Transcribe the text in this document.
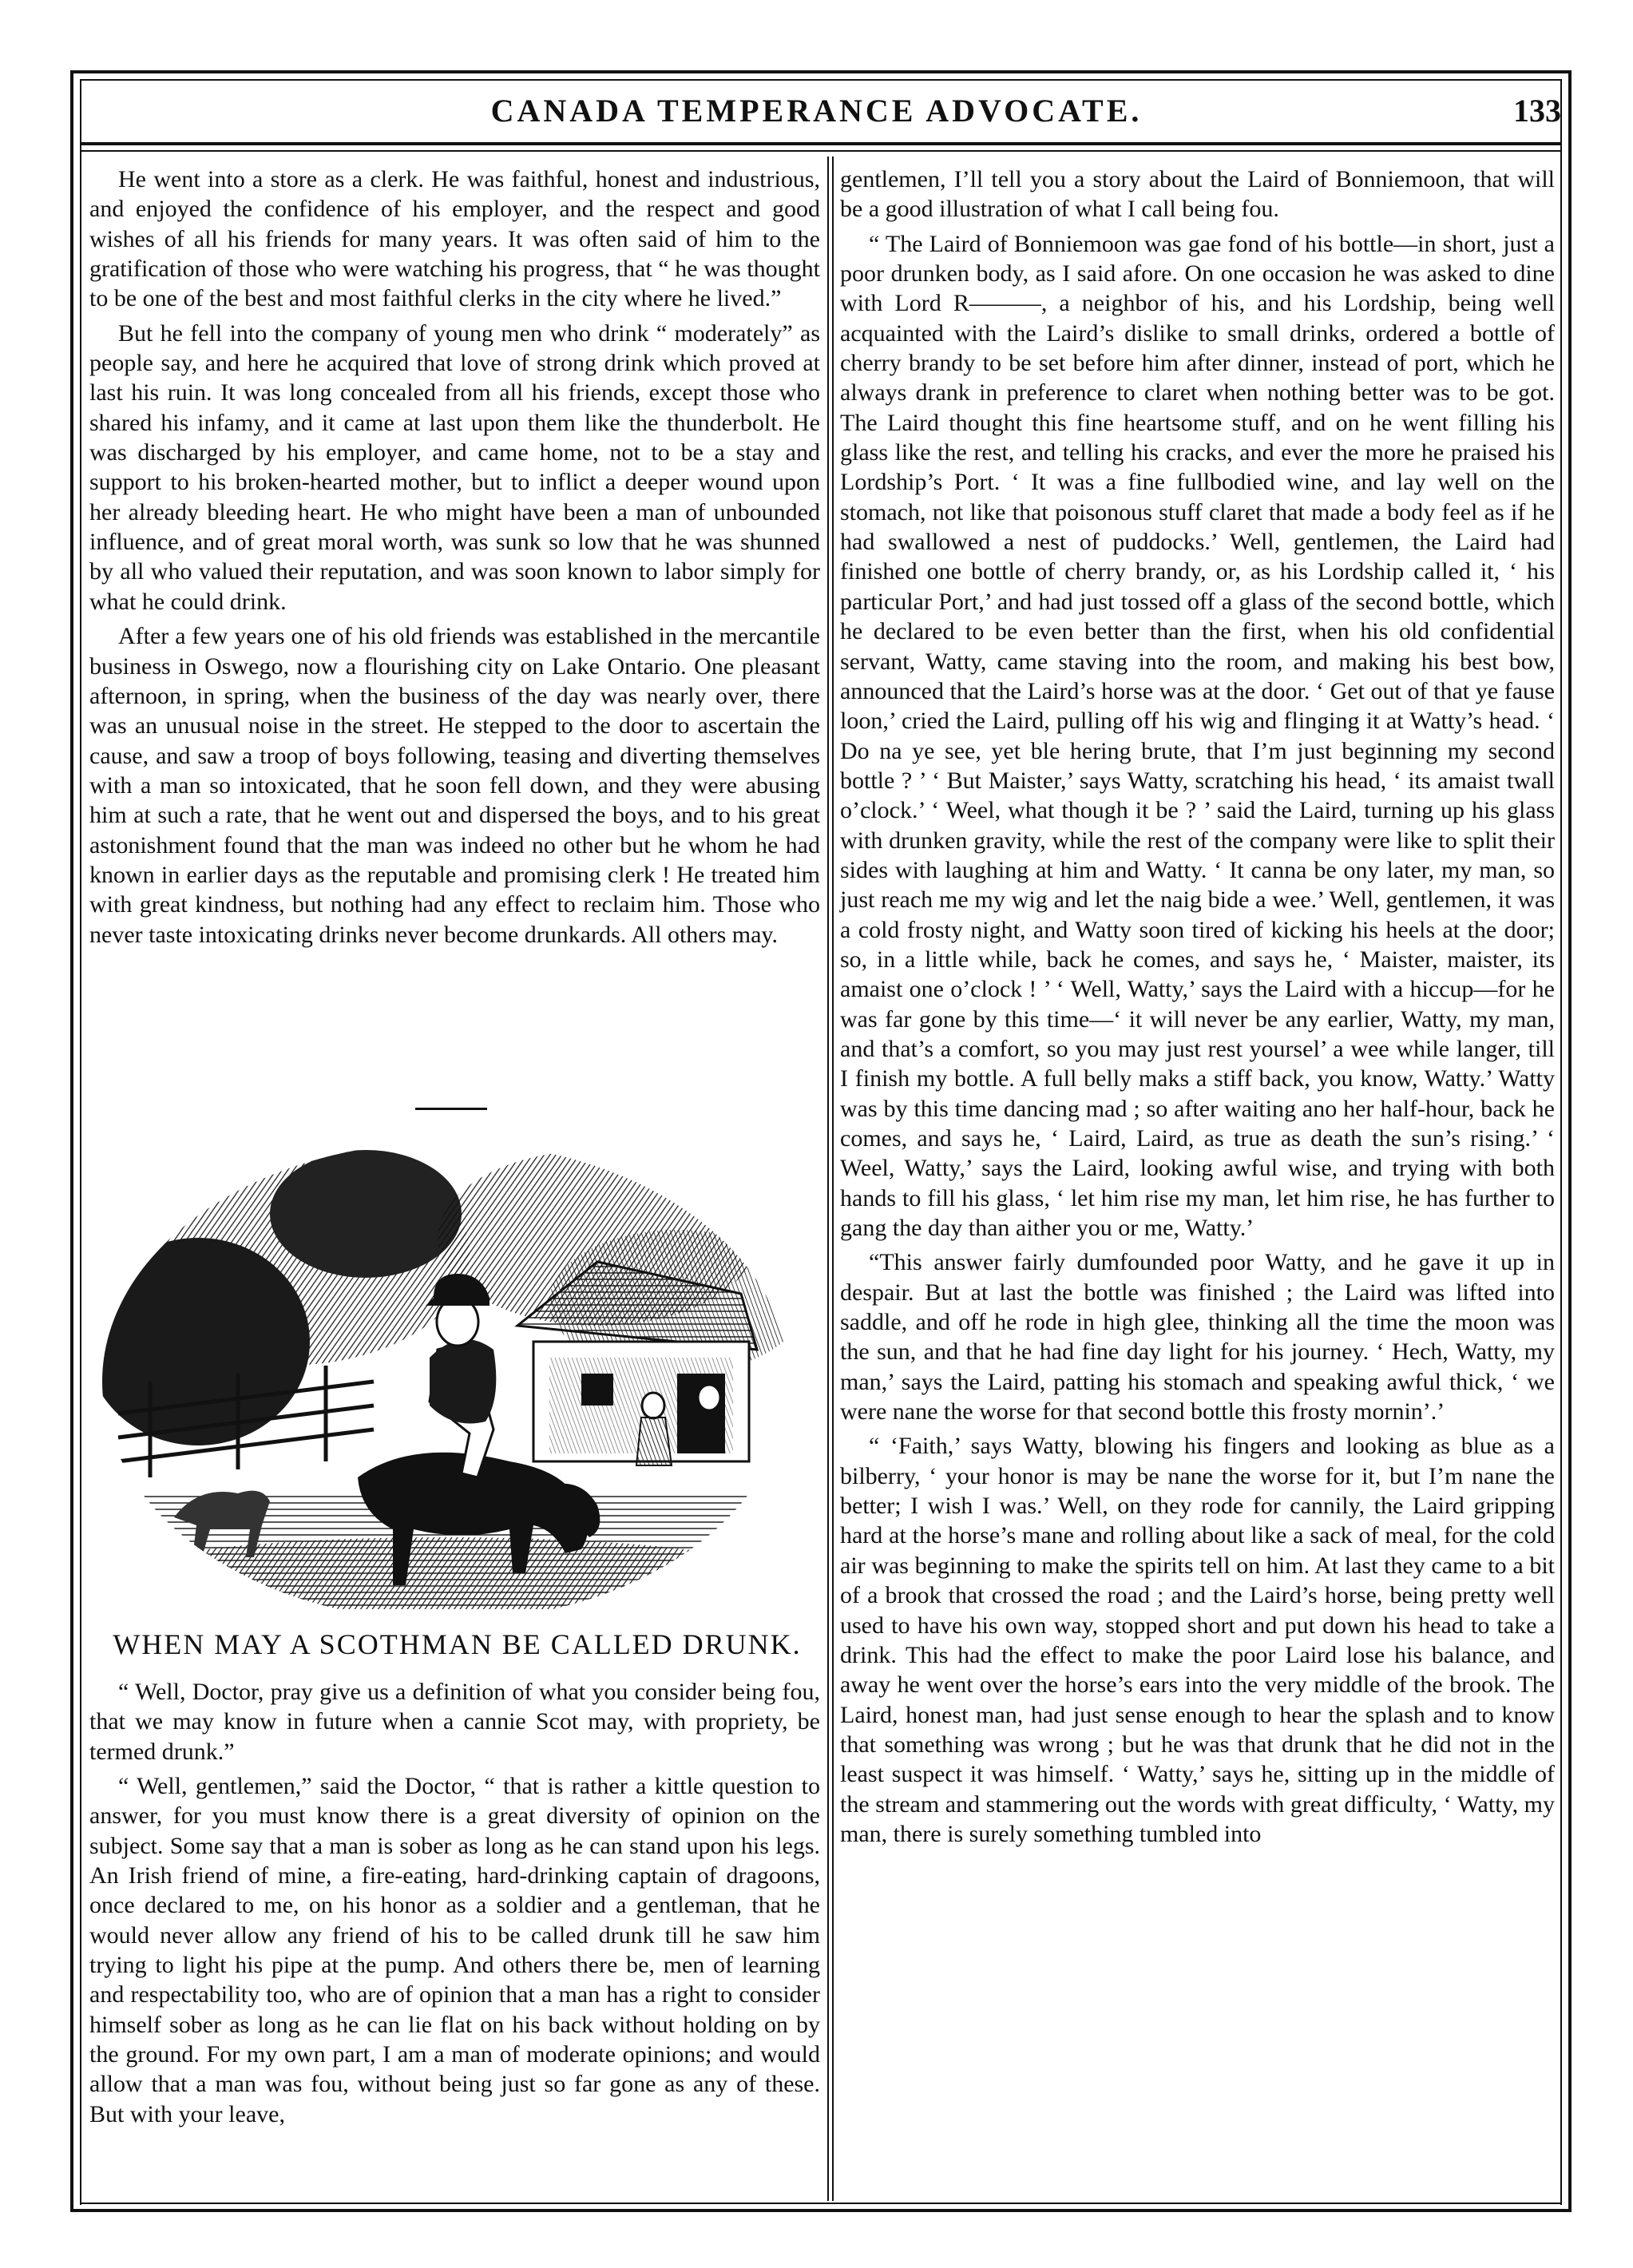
CANADA TEMPERANCE ADVOCATE.	133

He went into a store as a clerk. He was faithful, honest and industrious, and enjoyed the confidence of his employer, and the respect and good wishes of all his friends for many years. It was often said of him to the gratification of those who were watching his progress, that “ he was thought to be one of the best and most faithful clerks in the city where he lived.”

But he fell into the company of young men who drink “ moderately” as people say, and here he acquired that love of strong drink which proved at last his ruin. It was long concealed from all his friends, except those who shared his infamy, and it came at last upon them like the thunderbolt. He was discharged by his employer, and came home, not to be a stay and support to his broken-hearted mother, but to inflict a deeper wound upon her already bleeding heart. He who might have been a man of unbounded influence, and of great moral worth, was sunk so low that he was shunned by all who valued their reputation, and was soon known to labor simply for what he could drink.

After a few years one of his old friends was established in the mercantile business in Oswego, now a flourishing city on Lake Ontario. One pleasant afternoon, in spring, when the business of the day was nearly over, there was an unusual noise in the street. He stepped to the door to ascertain the cause, and saw a troop of boys following, teasing and diverting themselves with a man so intoxicated, that he soon fell down, and they were abusing him at such a rate, that he went out and dispersed the boys, and to his great astonishment found that the man was indeed no other but he whom he had known in earlier days as the reputable and promising clerk ! He treated him with great kindness, but nothing had any effect to reclaim him. Those who never taste intoxicating drinks never become drunkards. All others may.

WHEN MAY A SCOTHMAN BE CALLED DRUNK.

“ Well, Doctor, pray give us a definition of what you consider being fou, that we may know in future when a cannie Scot may, with propriety, be termed drunk.”

“ Well, gentlemen,” said the Doctor, “ that is rather a kittle question to answer, for you must know there is a great diversity of opinion on the subject. Some say that a man is sober as long as he can stand upon his legs. An Irish friend of mine, a fire-eating, hard-drinking captain of dragoons, once declared to me, on his honor as a soldier and a gentleman, that he would never allow any friend of his to be called drunk till he saw him trying to light his pipe at the pump. And others there be, men of learning and respectability too, who are of opinion that a man has a right to consider himself sober as long as he can lie flat on his back without holding on by the ground. For my own part, I am a man of moderate opinions; and would allow that a man was fou, without being just so far gone as any of these. But with your leave,

gentlemen, I’ll tell you a story about the Laird of Bonniemoon, that will be a good illustration of what I call being fou.

“ The Laird of Bonniemoon was gae fond of his bottle—in short, just a poor drunken body, as I said afore. On one occasion he was asked to dine with Lord R———, a neighbor of his, and his Lordship, being well acquainted with the Laird’s dislike to small drinks, ordered a bottle of cherry brandy to be set before him after dinner, instead of port, which he always drank in preference to claret when nothing better was to be got. The Laird thought this fine heartsome stuff, and on he went filling his glass like the rest, and telling his cracks, and ever the more he praised his Lordship’s Port. ‘ It was a fine fullbodied wine, and lay well on the stomach, not like that poisonous stuff claret that made a body feel as if he had swallowed a nest of puddocks.’ Well, gentlemen, the Laird had finished one bottle of cherry brandy, or, as his Lordship called it, ‘ his particular Port,’ and had just tossed off a glass of the second bottle, which he declared to be even better than the first, when his old confidential servant, Watty, came staving into the room, and making his best bow, announced that the Laird’s horse was at the door. ‘ Get out of that ye fause loon,’ cried the Laird, pulling off his wig and flinging it at Watty’s head. ‘ Do na ye see, yet ble hering brute, that I’m just beginning my second bottle ? ’ ‘ But Maister,’ says Watty, scratching his head, ‘ its amaist twall o’clock.’ ‘ Weel, what though it be ? ’ said the Laird, turning up his glass with drunken gravity, while the rest of the company were like to split their sides with laughing at him and Watty. ‘ It canna be ony later, my man, so just reach me my wig and let the naig bide a wee.’ Well, gentlemen, it was a cold frosty night, and Watty soon tired of kicking his heels at the door; so, in a little while, back he comes, and says he, ‘ Maister, maister, its amaist one o’clock ! ’ ‘ Well, Watty,’ says the Laird with a hiccup—for he was far gone by this time—‘ it will never be any earlier, Watty, my man, and that’s a comfort, so you may just rest yoursel’ a wee while langer, till I finish my bottle. A full belly maks a stiff back, you know, Watty.’ Watty was by this time dancing mad ; so after waiting ano her half-hour, back he comes, and says he, ‘ Laird, Laird, as true as death the sun’s rising.’ ‘ Weel, Watty,’ says the Laird, looking awful wise, and trying with both hands to fill his glass, ‘ let him rise my man, let him rise, he has further to gang the day than aither you or me, Watty.’

“This answer fairly dumfounded poor Watty, and he gave it up in despair. But at last the bottle was finished ; the Laird was lifted into saddle, and off he rode in high glee, thinking all the time the moon was the sun, and that he had fine day light for his journey. ‘ Hech, Watty, my man,’ says the Laird, patting his stomach and speaking awful thick, ‘ we were nane the worse for that second bottle this frosty mornin’.’

“ ‘Faith,’ says Watty, blowing his fingers and looking as blue as a bilberry, ‘ your honor is may be nane the worse for it, but I’m nane the better; I wish I was.’ Well, on they rode for cannily, the Laird gripping hard at the horse’s mane and rolling about like a sack of meal, for the cold air was beginning to make the spirits tell on him. At last they came to a bit of a brook that crossed the road ; and the Laird’s horse, being pretty well used to have his own way, stopped short and put down his head to take a drink. This had the effect to make the poor Laird lose his balance, and away he went over the horse’s ears into the very middle of the brook. The Laird, honest man, had just sense enough to hear the splash and to know that something was wrong ; but he was that drunk that he did not in the least suspect it was himself. ‘ Watty,’ says he, sitting up in the middle of the stream and stammering out the words with great difficulty, ‘ Watty, my man, there is surely something tumbled into
